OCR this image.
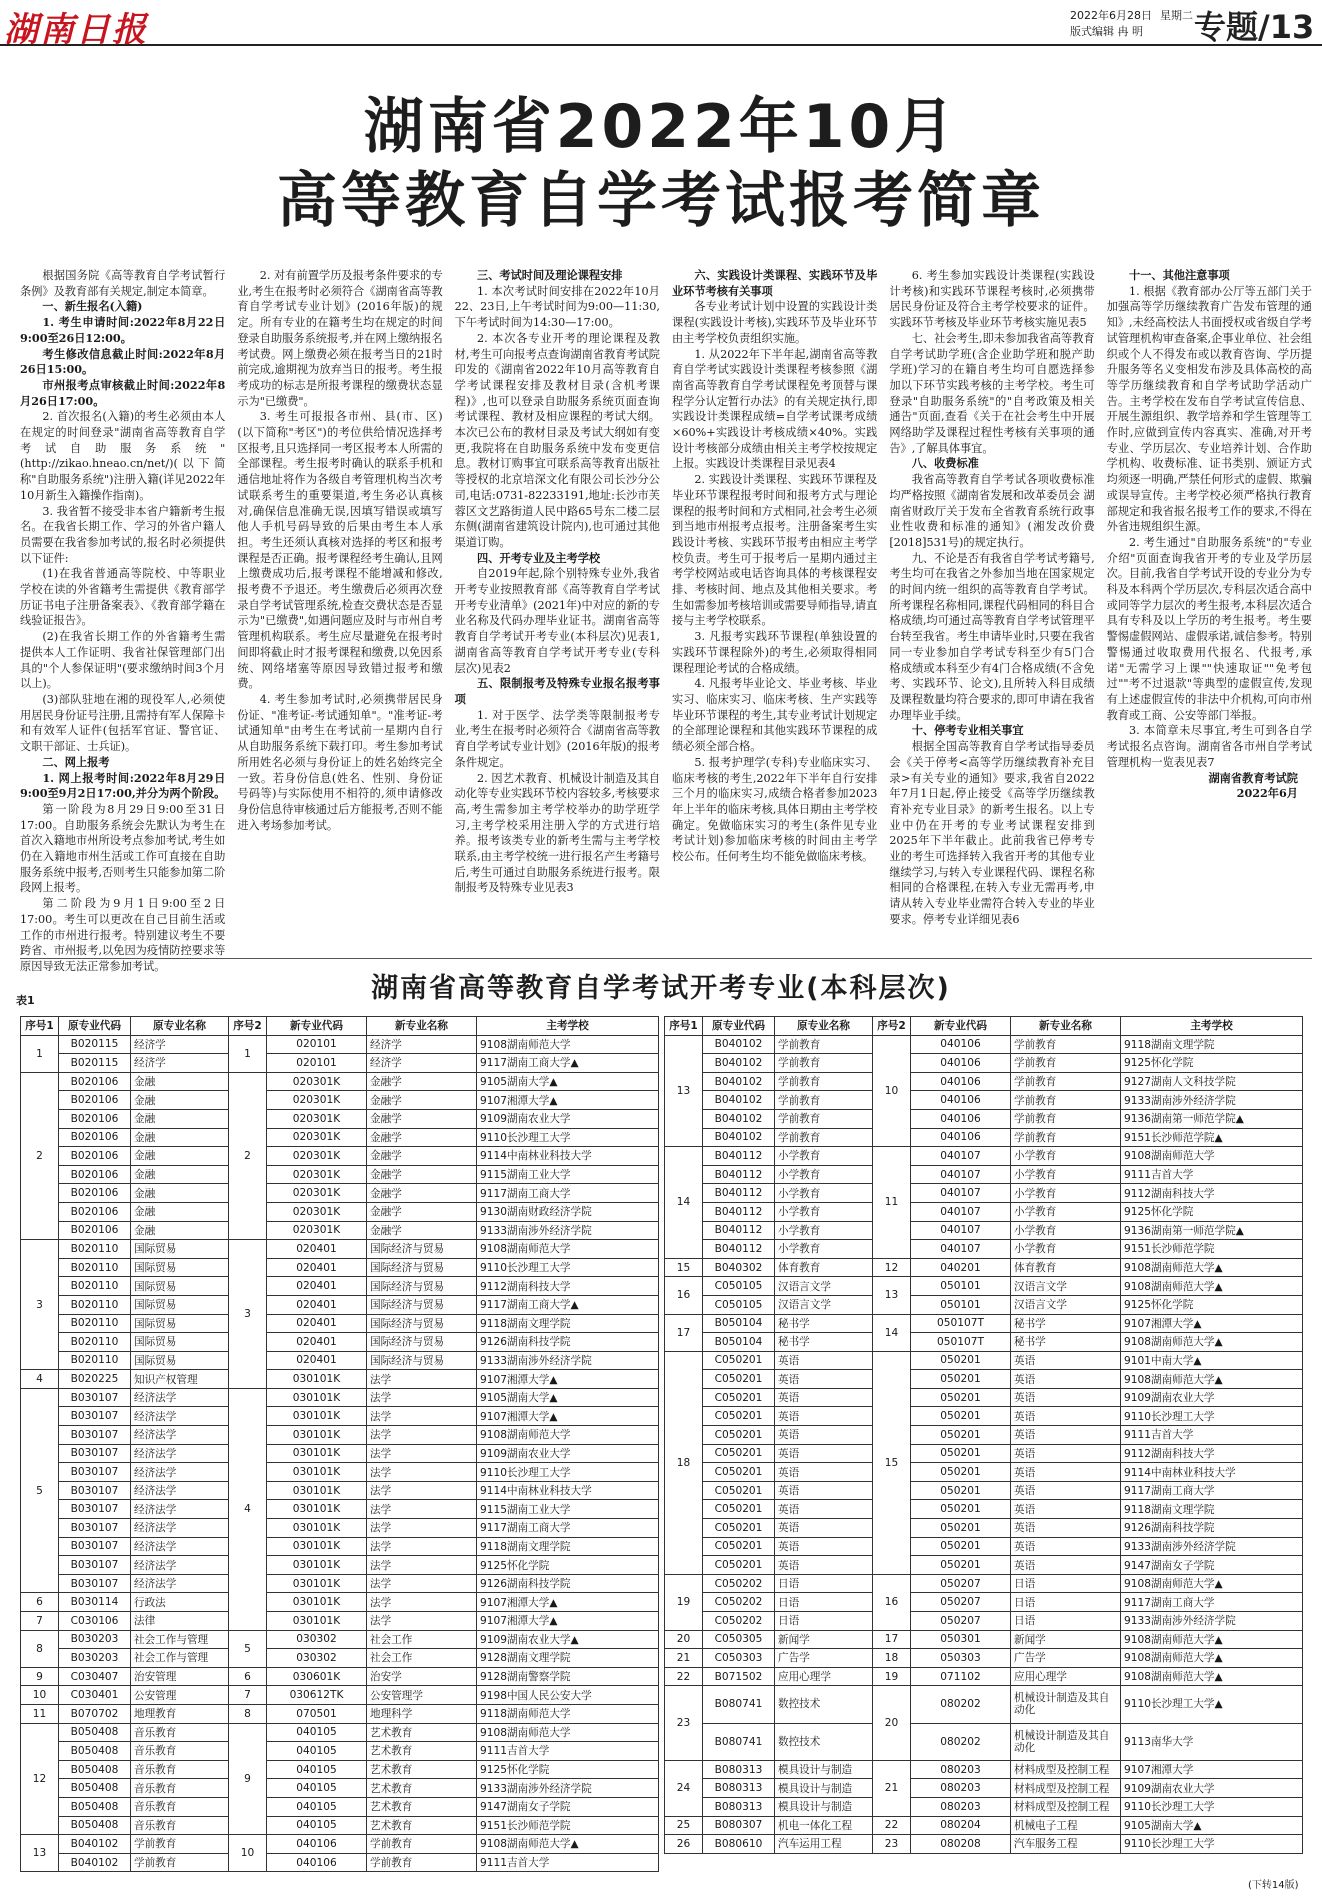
湖南日报	2022年6月28日 星期二
版式编辑 冉 明	专题/13
湖南省2022年10月
高等教育自学考试报考简章

根据国务院《高等教育自学考试暂行条例》及教育部有关规定,制定本简章。

一、新生报名(入籍)

1. 考生申请时间:2022年8月22日9:00至26日12:00。

考生修改信息截止时间:2022年8月26日15:00。

市州报考点审核截止时间:2022年8月26日17:00。

2. 首次报名(入籍)的考生必须由本人在规定的时间登录"湖南省高等教育自学考试自助服务系统"(http://zikao.hneao.cn/net/)(以下简称"自助服务系统")注册入籍(详见2022年10月新生入籍操作指南)。

3. 我省暂不接受非本省户籍新考生报名。在我省长期工作、学习的外省户籍人员需要在我省参加考试的,报名时必须提供以下证件:

(1)在我省普通高等院校、中等职业学校在读的外省籍考生需提供《教育部学历证书电子注册备案表》、《教育部学籍在线验证报告》。

(2)在我省长期工作的外省籍考生需提供本人工作证明、我省社保管理部门出具的"个人参保证明"(要求缴纳时间3个月以上)。

(3)部队驻地在湘的现役军人,必须使用居民身份证号注册,且需持有军人保障卡和有效军人证件(包括军官证、警官证、文职干部证、士兵证)。

二、网上报考

1. 网上报考时间:2022年8月29日9:00至9月2日17:00,并分为两个阶段。

第一阶段为8月29日9:00至31日17:00。自助服务系统会先默认为考生在首次入籍地市州所设考点参加考试,考生如仍在入籍地市州生活或工作可直接在自助服务系统中报考,否则考生只能参加第二阶段网上报考。

第二阶段为9月1日9:00至2日17:00。考生可以更改在自己目前生活或工作的市州进行报考。特别建议考生不要跨省、市州报考,以免因为疫情防控要求等原因导致无法正常参加考试。

2. 对有前置学历及报考条件要求的专业,考生在报考时必须符合《湖南省高等教育自学考试专业计划》(2016年版)的规定。所有专业的在籍考生均在规定的时间登录自助服务系统报考,并在网上缴纳报名考试费。网上缴费必须在报考当日的21时前完成,逾期视为放弃当日的报考。考生报考成功的标志是所报考课程的缴费状态显示为"已缴费"。

3. 考生可报报各市州、县(市、区)(以下简称"考区")的考位供给情况选择考区报考,且只选择同一考区报考本人所需的全部课程。考生报考时确认的联系手机和通信地址将作为各级自考管理机构当次考试联系考生的重要渠道,考生务必认真核对,确保信息准确无误,因填写错误或填写他人手机号码导致的后果由考生本人承担。考生还须认真核对选择的考区和报考课程是否正确。报考课程经考生确认,且网上缴费成功后,报考课程不能增减和修改,报考费不予退还。考生缴费后必须再次登录自学考试管理系统,检查交费状态是否显示为"已缴费",如遇问题应及时与市州自考管理机构联系。考生应尽量避免在报考时间即将截止时才报考课程和缴费,以免因系统、网络堵塞等原因导致错过报考和缴费。

4. 考生参加考试时,必须携带居民身份证、"准考证-考试通知单"。"准考证-考试通知单"由考生在考试前一星期内自行从自助服务系统下载打印。考生参加考试所用姓名必须与身份证上的姓名始终完全一致。若身份信息(姓名、性别、身份证号码等)与实际使用不相符的,须申请修改身份信息待审核通过后方能报考,否则不能进入考场参加考试。

三、考试时间及理论课程安排

1. 本次考试时间安排在2022年10月22、23日,上午考试时间为9:00—11:30,下午考试时间为14:30—17:00。

2. 本次各专业开考的理论课程及教材,考生可向报考点查询湖南省教育考试院印发的《湖南省2022年10月高等教育自学考试课程安排及教材目录(含机考课程)》,也可以登录自助服务系统页面查询考试课程、教材及相应课程的考试大纲。本次已公布的教材目录及考试大纲如有变更,我院将在自助服务系统中发布变更信息。教材订购事宜可联系高等教育出版社等授权的北京培深文化有限公司长沙分公司,电话:0731-82233191,地址:长沙市芙蓉区文艺路街道人民中路65号东二楼二层东侧(湖南省建筑设计院内),也可通过其他渠道订购。

四、开考专业及主考学校

自2019年起,除个别特殊专业外,我省开考专业按照教育部《高等教育自学考试开考专业清单》(2021年)中对应的新的专业名称及代码办理毕业证书。湖南省高等教育自学考试开考专业(本科层次)见表1,湖南省高等教育自学考试开考专业(专科层次)见表2

五、限制报考及特殊专业报名报考事项

1. 对于医学、法学类等限制报考专业,考生在报考时必须符合《湖南省高等教育自学考试专业计划》(2016年版)的报考条件规定。

2. 因艺术教育、机械设计制造及其自动化等专业实践环节校内容较多,考核要求高,考生需参加主考学校举办的助学班学习,主考学校采用注册入学的方式进行培养。报考该类专业的新考生需与主考学校联系,由主考学校统一进行报名产生考籍号后,考生可通过自助服务系统进行报考。限制报考及特殊专业见表3

六、实践设计类课程、实践环节及毕业环节考核有关事项

各专业考试计划中设置的实践设计类课程(实践设计考核),实践环节及毕业环节由主考学校负责组织实施。

1. 从2022年下半年起,湖南省高等教育自学考试实践设计类课程考核参照《湖南省高等教育自学考试课程免考顶替与课程学分认定暂行办法》的有关规定执行,即实践设计类课程成绩=自学考试课考成绩×60%+实践设计考核成绩×40%。实践设计考核部分成绩由相关主考学校按规定上报。实践设计类课程目录见表4

2. 实践设计类课程、实践环节课程及毕业环节课程报考时间和报考方式与理论课程的报考时间和方式相同,社会考生必须到当地市州报考点报考。注册备案考生实践设计考核、实践环节报考由相应主考学校负责。考生可于报考后一星期内通过主考学校网站或电话咨询具体的考核课程安排、考核时间、地点及其他相关要求。考生如需参加考核培训或需要导师指导,请直接与主考学校联系。

3. 凡报考实践环节课程(单独设置的实践环节课程除外)的考生,必须取得相同课程理论考试的合格成绩。

4. 凡报考毕业论文、毕业考核、毕业实习、临床实习、临床考核、生产实践等毕业环节课程的考生,其专业考试计划规定的全部理论课程和其他实践环节课程的成绩必须全部合格。

5. 报考护理学(专科)专业临床实习、临床考核的考生,2022年下半年自行安排三个月的临床实习,成绩合格者参加2023年上半年的临床考核,具体日期由主考学校确定。免做临床实习的考生(条件见专业考试计划)参加临床考核的时间由主考学校公布。任何考生均不能免做临床考核。

6. 考生参加实践设计类课程(实践设计考核)和实践环节课程考核时,必须携带居民身份证及符合主考学校要求的证件。实践环节考核及毕业环节考核实施见表5

七、社会考生,即未参加我省高等教育自学考试助学班(含企业助学班和脱产助学班)学习的在籍自考生均可自愿选择参加以下环节实践考核的主考学校。考生可登录"自助服务系统"的"自考政策及相关通告"页面,查看《关于在社会考生中开展网络助学及课程过程性考核有关事项的通告》,了解具体事宜。

八、收费标准

我省高等教育自学考试各项收费标准均严格按照《湖南省发展和改革委员会 湖南省财政厅关于发布全省教育系统行政事业性收费和标准的通知》(湘发改价费[2018]531号)的规定执行。

九、不论是否有我省自学考试考籍号,考生均可在我省之外参加当地在国家规定的时间内统一组织的高等教育自学考试。所考课程名称相同,课程代码相同的科目合格成绩,均可通过高等教育自学考试管理平台转至我省。考生申请毕业时,只要在我省同一专业参加自学考试专科至少有5门合格成绩或本科至少有4门合格成绩(不含免考、实践环节、论文),且所转入科目成绩及课程数量均符合要求的,即可申请在我省办理毕业手续。

十、停考专业相关事宜

根据全国高等教育自学考试指导委员会《关于停考<高等学历继续教育补充目录>有关专业的通知》要求,我省自2022年7月1日起,停止接受《高等学历继续教育补充专业目录》的新考生报名。以上专业中仍在开考的专业考试课程安排到2025年下半年截止。此前我省已停考专业的考生可选择转入我省开考的其他专业继续学习,与转入专业课程代码、课程名称相同的合格课程,在转入专业无需再考,申请从转入专业毕业需符合转入专业的毕业要求。停考专业详细见表6

十一、其他注意事项

1. 根据《教育部办公厅等五部门关于加强高等学历继续教育广告发布管理的通知》,未经高校法人书面授权或省级自学考试管理机构审查备案,企事业单位、社会组织或个人不得发布或以教育咨询、学历提升服务等名义变相发布涉及具体高校的高等学历继续教育和自学考试助学活动广告。主考学校在发布自学考试宣传信息、开展生源组织、教学培养和学生管理等工作时,应做到宣传内容真实、准确,对开考专业、学历层次、专业培养计划、合作助学机构、收费标准、证书类别、颁证方式均须逐一明确,严禁任何形式的虚假、欺骗或误导宣传。主考学校必须严格执行教育部规定和我省报名报考工作的要求,不得在外省违规组织生源。

2. 考生通过"自助服务系统"的"专业介绍"页面查询我省开考的专业及学历层次。目前,我省自学考试开设的专业分为专科及本科两个学历层次,专科层次适合高中或同等学力层次的考生报考,本科层次适合具有专科及以上学历的考生报考。考生要警惕虚假网站、虚假承诺,诚信参考。特别警惕通过收取费用代报名、代报考,承诺"无需学习上课""快速取证""免考包过""考不过退款"等典型的虚假宣传,发现有上述虚假宣传的非法中介机构,可向市州教育或工商、公安等部门举报。

3. 本简章未尽事宜,考生可到各自学考试报名点咨询。湖南省各市州自学考试管理机构一览表见表7

湖南省教育考试院

2022年6月

湖南省高等教育自学考试开考专业(本科层次)
表1
序号1	原专业代码	原专业名称	序号2	新专业代码	新专业名称	主考学校
1	B020115	经济学	1	020101	经济学	9108湖南师范大学
	B020115	经济学		020101	经济学	9117湖南工商大学▲
2	B020106	金融	2	020301K	金融学	9105湖南大学▲
	B020106	金融		020301K	金融学	9107湘潭大学▲
	B020106	金融		020301K	金融学	9109湖南农业大学
	B020106	金融		020301K	金融学	9110长沙理工大学
	B020106	金融		020301K	金融学	9114中南林业科技大学
	B020106	金融		020301K	金融学	9115湖南工业大学
	B020106	金融		020301K	金融学	9117湖南工商大学
	B020106	金融		020301K	金融学	9130湖南财政经济学院
	B020106	金融		020301K	金融学	9133湖南涉外经济学院
3	B020110	国际贸易	3	020401	国际经济与贸易	9108湖南师范大学
	B020110	国际贸易		020401	国际经济与贸易	9110长沙理工大学
	B020110	国际贸易		020401	国际经济与贸易	9112湖南科技大学
	B020110	国际贸易		020401	国际经济与贸易	9117湖南工商大学▲
	B020110	国际贸易		020401	国际经济与贸易	9118湖南文理学院
	B020110	国际贸易		020401	国际经济与贸易	9126湖南科技学院
	B020110	国际贸易		020401	国际经济与贸易	9133湖南涉外经济学院
4	B020225	知识产权管理		030101K	法学	9107湘潭大学▲
5	B030107	经济法学	4	030101K	法学	9105湖南大学▲
	B030107	经济法学		030101K	法学	9107湘潭大学▲
	B030107	经济法学		030101K	法学	9108湖南师范大学
	B030107	经济法学		030101K	法学	9109湖南农业大学
	B030107	经济法学		030101K	法学	9110长沙理工大学
	B030107	经济法学		030101K	法学	9114中南林业科技大学
	B030107	经济法学		030101K	法学	9115湖南工业大学
	B030107	经济法学		030101K	法学	9117湖南工商大学
	B030107	经济法学		030101K	法学	9118湖南文理学院
	B030107	经济法学		030101K	法学	9125怀化学院
	B030107	经济法学		030101K	法学	9126湖南科技学院
6	B030114	行政法		030101K	法学	9107湘潭大学▲
7	C030106	法律		030101K	法学	9107湘潭大学▲
8	B030203	社会工作与管理	5	030302	社会工作	9109湖南农业大学▲
	B030203	社会工作与管理		030302	社会工作	9128湖南文理学院
9	C030407	治安管理	6	030601K	治安学	9128湖南警察学院
10	C030401	公安管理	7	030612TK	公安管理学	9198中国人民公安大学
11	B070702	地理教育	8	070501	地理科学	9118湖南师范大学
12	B050408	音乐教育	9	040105	艺术教育	9108湖南师范大学
	B050408	音乐教育		040105	艺术教育	9111吉首大学
	B050408	音乐教育		040105	艺术教育	9125怀化学院
	B050408	音乐教育		040105	艺术教育	9133湖南涉外经济学院
	B050408	音乐教育		040105	艺术教育	9147湖南女子学院
	B050408	音乐教育		040105	艺术教育	9151长沙师范学院
13	B040102	学前教育	10	040106	学前教育	9108湖南师范大学▲
	B040102	学前教育		040106	学前教育	9111吉首大学
序号1	原专业代码	原专业名称	序号2	新专业代码	新专业名称	主考学校
13	B040102	学前教育	10	040106	学前教育	9118湖南文理学院
	B040102	学前教育		040106	学前教育	9125怀化学院
	B040102	学前教育		040106	学前教育	9127湖南人文科技学院
	B040102	学前教育		040106	学前教育	9133湖南涉外经济学院
	B040102	学前教育		040106	学前教育	9136湖南第一师范学院▲
	B040102	学前教育		040106	学前教育	9151长沙师范学院▲
14	B040112	小学教育	11	040107	小学教育	9108湖南师范大学
	B040112	小学教育		040107	小学教育	9111吉首大学
	B040112	小学教育		040107	小学教育	9112湖南科技大学
	B040112	小学教育		040107	小学教育	9125怀化学院
	B040112	小学教育		040107	小学教育	9136湖南第一师范学院▲
	B040112	小学教育		040107	小学教育	9151长沙师范学院
15	B040302	体育教育	12	040201	体育教育	9108湖南师范大学▲
16	C050105	汉语言文学	13	050101	汉语言文学	9108湖南师范大学▲
	C050105	汉语言文学		050101	汉语言文学	9125怀化学院
17	B050104	秘书学	14	050107T	秘书学	9107湘潭大学▲
	B050104	秘书学		050107T	秘书学	9108湖南师范大学▲
18	C050201	英语	15	050201	英语	9101中南大学▲
	C050201	英语		050201	英语	9108湖南师范大学▲
	C050201	英语		050201	英语	9109湖南农业大学
	C050201	英语		050201	英语	9110长沙理工大学
	C050201	英语		050201	英语	9111吉首大学
	C050201	英语		050201	英语	9112湖南科技大学
	C050201	英语		050201	英语	9114中南林业科技大学
	C050201	英语		050201	英语	9117湖南工商大学
	C050201	英语		050201	英语	9118湖南文理学院
	C050201	英语		050201	英语	9126湖南科技学院
	C050201	英语		050201	英语	9133湖南涉外经济学院
	C050201	英语		050201	英语	9147湖南女子学院
19	C050202	日语	16	050207	日语	9108湖南师范大学▲
	C050202	日语		050207	日语	9117湖南工商大学
	C050202	日语		050207	日语	9133湖南涉外经济学院
20	C050305	新闻学	17	050301	新闻学	9108湖南师范大学▲
21	C050303	广告学	18	050303	广告学	9108湖南师范大学▲
22	B071502	应用心理学	19	071102	应用心理学	9108湖南师范大学▲
23	B080741	数控技术	20	080202	机械设计制造及其自动化	9110长沙理工大学▲
	B080741	数控技术		080202	机械设计制造及其自动化	9113南华大学
24	B080313	模具设计与制造	21	080203	材料成型及控制工程	9107湘潭大学
	B080313	模具设计与制造		080203	材料成型及控制工程	9109湖南农业大学
	B080313	模具设计与制造		080203	材料成型及控制工程	9110长沙理工大学
25	B080307	机电一体化工程	22	080204	机械电子工程	9105湖南大学▲
26	B080610	汽车运用工程	23	080208	汽车服务工程	9110长沙理工大学
(下转14版)
